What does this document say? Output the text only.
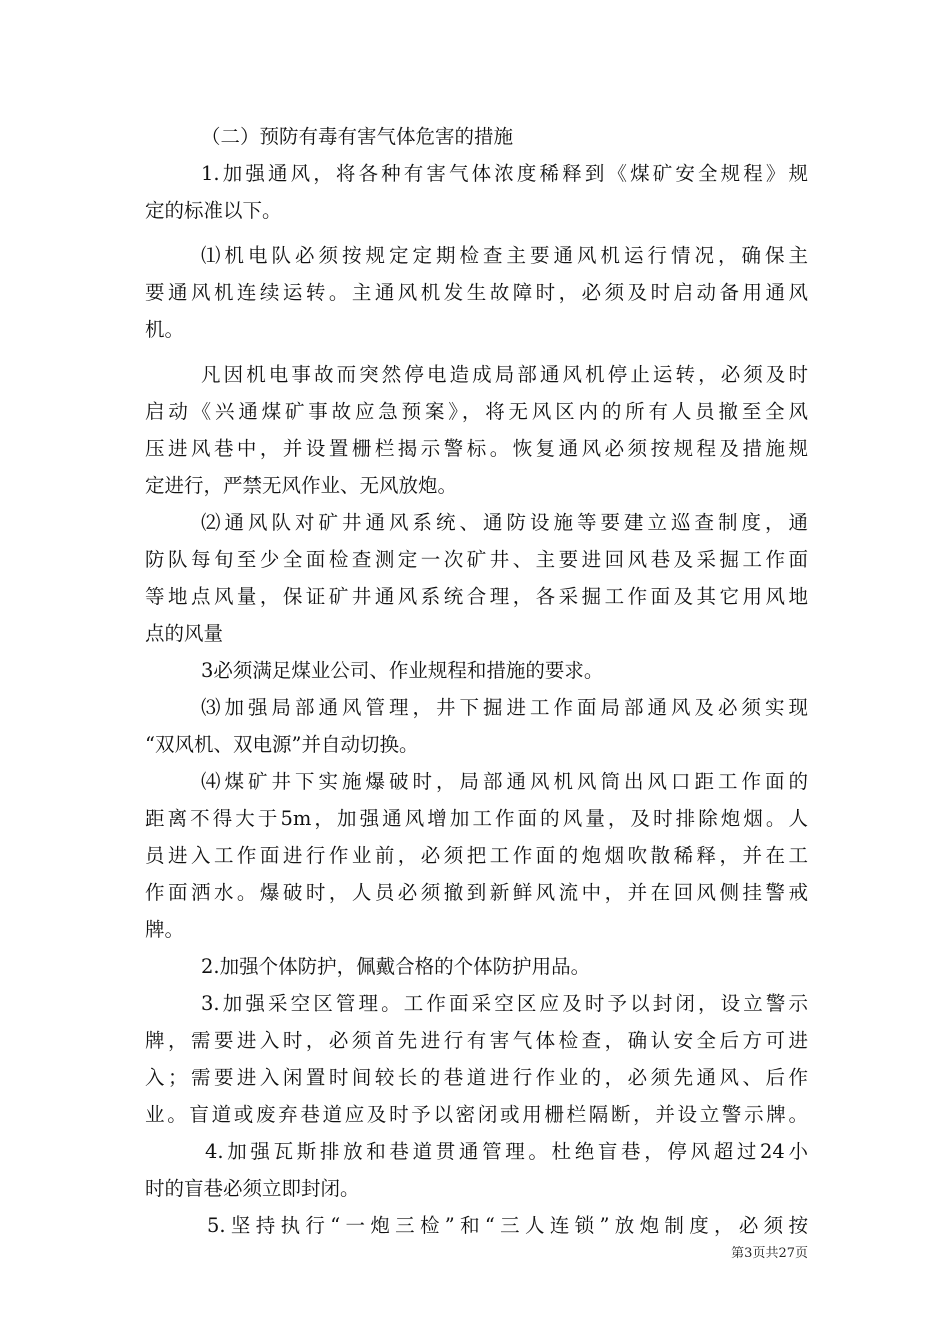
（二）预防有毒有害气体危害的措施
1.加强通风，将各种有害气体浓度稀释到《煤矿安全规程》规
定的标准以下。
⑴机电队必须按规定定期检查主要通风机运行情况，确保主
要通风机连续运转。主通风机发生故障时，必须及时启动备用通风
机。
凡因机电事故而突然停电造成局部通风机停止运转，必须及时
启动《兴通煤矿事故应急预案》，将无风区内的所有人员撤至全风
压进风巷中，并设置栅栏揭示警标。恢复通风必须按规程及措施规
定进行，严禁无风作业、无风放炮。
⑵通风队对矿井通风系统、通防设施等要建立巡查制度，通
防队每旬至少全面检查测定一次矿井、主要进回风巷及采掘工作面
等地点风量，保证矿井通风系统合理，各采掘工作面及其它用风地
点的风量
3必须满足煤业公司、作业规程和措施的要求。
⑶加强局部通风管理，井下掘进工作面局部通风及必须实现
“双风机、双电源”并自动切换。
⑷煤矿井下实施爆破时，局部通风机风筒出风口距工作面的
距离不得大于5m，加强通风增加工作面的风量，及时排除炮烟。人
员进入工作面进行作业前，必须把工作面的炮烟吹散稀释，并在工
作面洒水。爆破时，人员必须撤到新鲜风流中，并在回风侧挂警戒
牌。
2.加强个体防护，佩戴合格的个体防护用品。
3.加强采空区管理。工作面采空区应及时予以封闭，设立警示
牌，需要进入时，必须首先进行有害气体检查，确认安全后方可进
入；需要进入闲置时间较长的巷道进行作业的，必须先通风、后作
业。盲道或废弃巷道应及时予以密闭或用栅栏隔断，并设立警示牌。
4.加强瓦斯排放和巷道贯通管理。杜绝盲巷，停风超过24小
时的盲巷必须立即封闭。
5.坚持执行“一炮三检”和“三人连锁”放炮制度，必须按
第3页共27页
